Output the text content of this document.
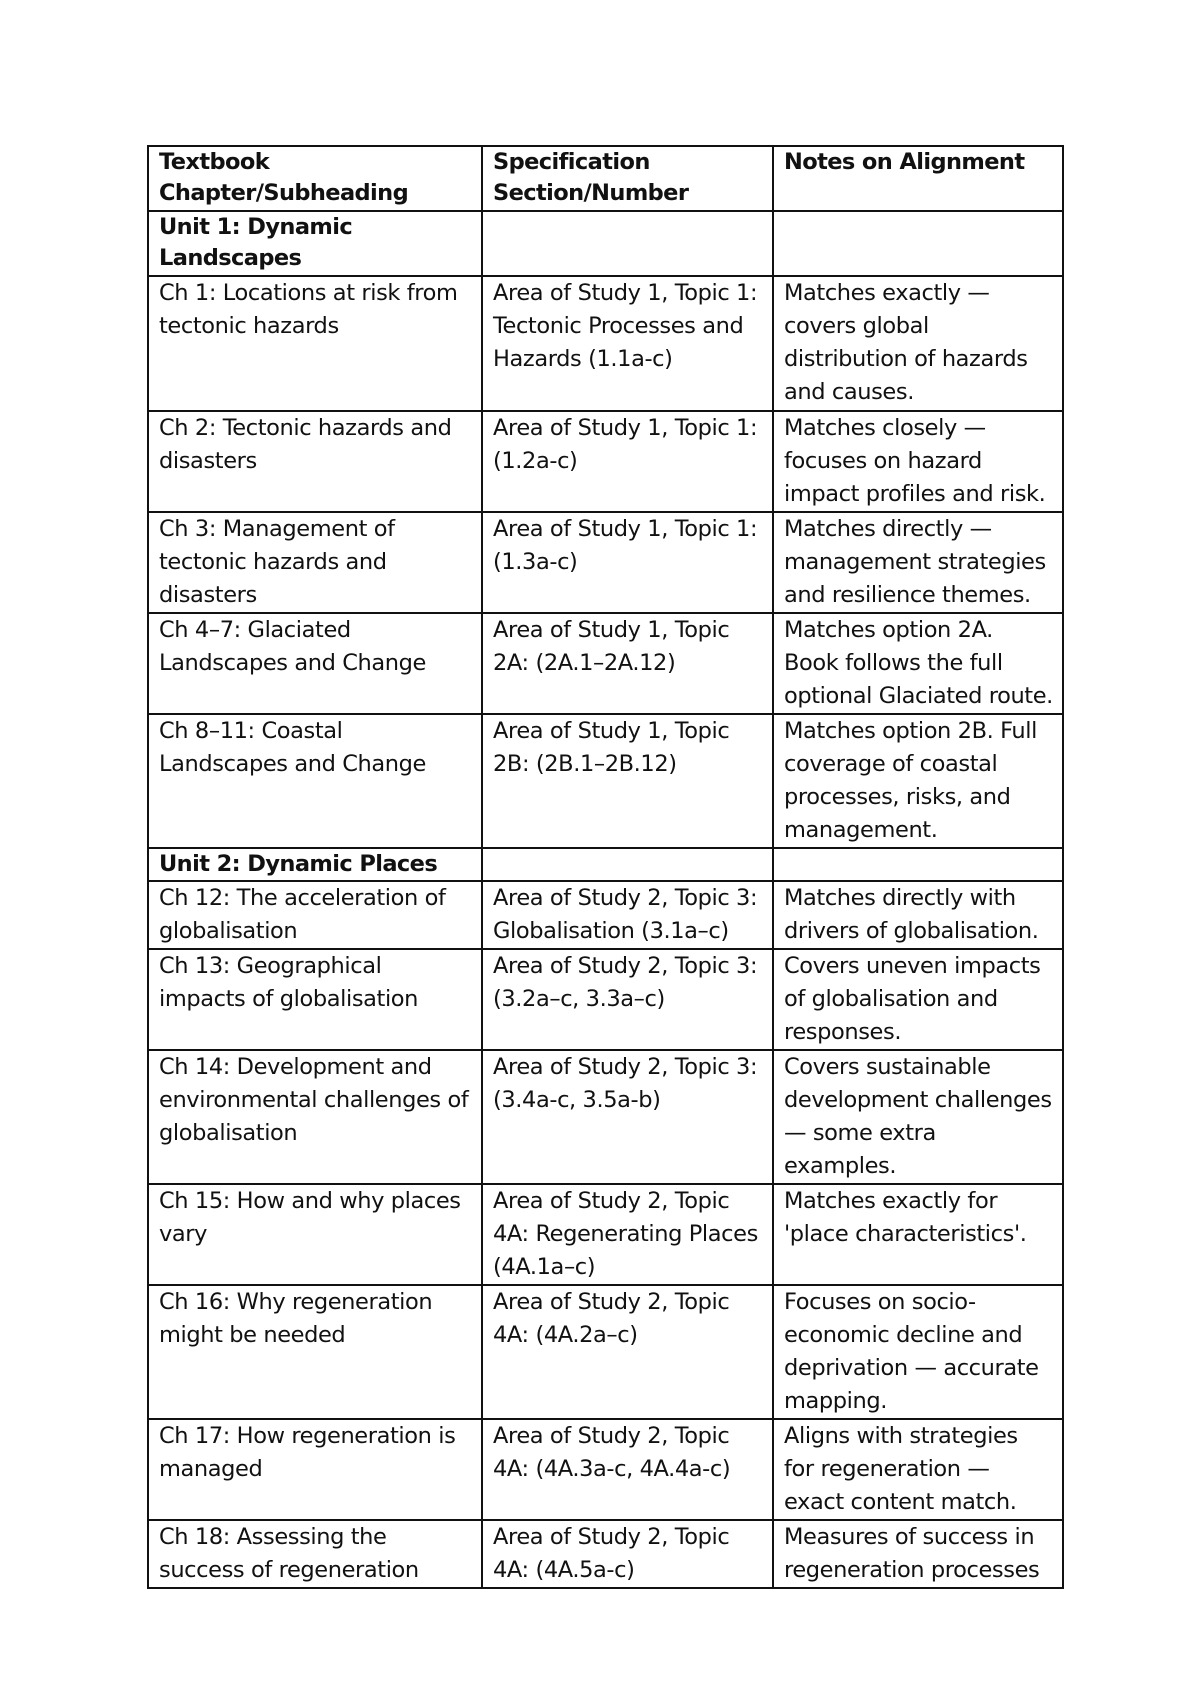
Textbook Chapter/Subheading	Specification Section/Number	Notes on Alignment
Unit 1: Dynamic Landscapes		
Ch 1: Locations at risk from tectonic hazards	Area of Study 1, Topic 1: Tectonic Processes and Hazards (1.1a-c)	Matches exactly — covers global distribution of hazards and causes.
Ch 2: Tectonic hazards and disasters	Area of Study 1, Topic 1: (1.2a-c)	Matches closely — focuses on hazard impact profiles and risk.
Ch 3: Management of tectonic hazards and disasters	Area of Study 1, Topic 1: (1.3a-c)	Matches directly — management strategies and resilience themes.
Ch 4–7: Glaciated Landscapes and Change	Area of Study 1, Topic 2A: (2A.1–2A.12)	Matches option 2A. Book follows the full optional Glaciated route.
Ch 8–11: Coastal Landscapes and Change	Area of Study 1, Topic 2B: (2B.1–2B.12)	Matches option 2B. Full coverage of coastal processes, risks, and management.
Unit 2: Dynamic Places		
Ch 12: The acceleration of globalisation	Area of Study 2, Topic 3: Globalisation (3.1a–c)	Matches directly with drivers of globalisation.
Ch 13: Geographical impacts of globalisation	Area of Study 2, Topic 3: (3.2a–c, 3.3a–c)	Covers uneven impacts of globalisation and responses.
Ch 14: Development and environmental challenges of globalisation	Area of Study 2, Topic 3: (3.4a-c, 3.5a-b)	Covers sustainable development challenges — some extra examples.
Ch 15: How and why places vary	Area of Study 2, Topic 4A: Regenerating Places (4A.1a–c)	Matches exactly for 'place characteristics'.
Ch 16: Why regeneration might be needed	Area of Study 2, Topic 4A: (4A.2a–c)	Focuses on socio-economic decline and deprivation — accurate mapping.
Ch 17: How regeneration is managed	Area of Study 2, Topic 4A: (4A.3a-c, 4A.4a-c)	Aligns with strategies for regeneration — exact content match.
Ch 18: Assessing the success of regeneration	Area of Study 2, Topic 4A: (4A.5a-c)	Measures of success in regeneration processes
